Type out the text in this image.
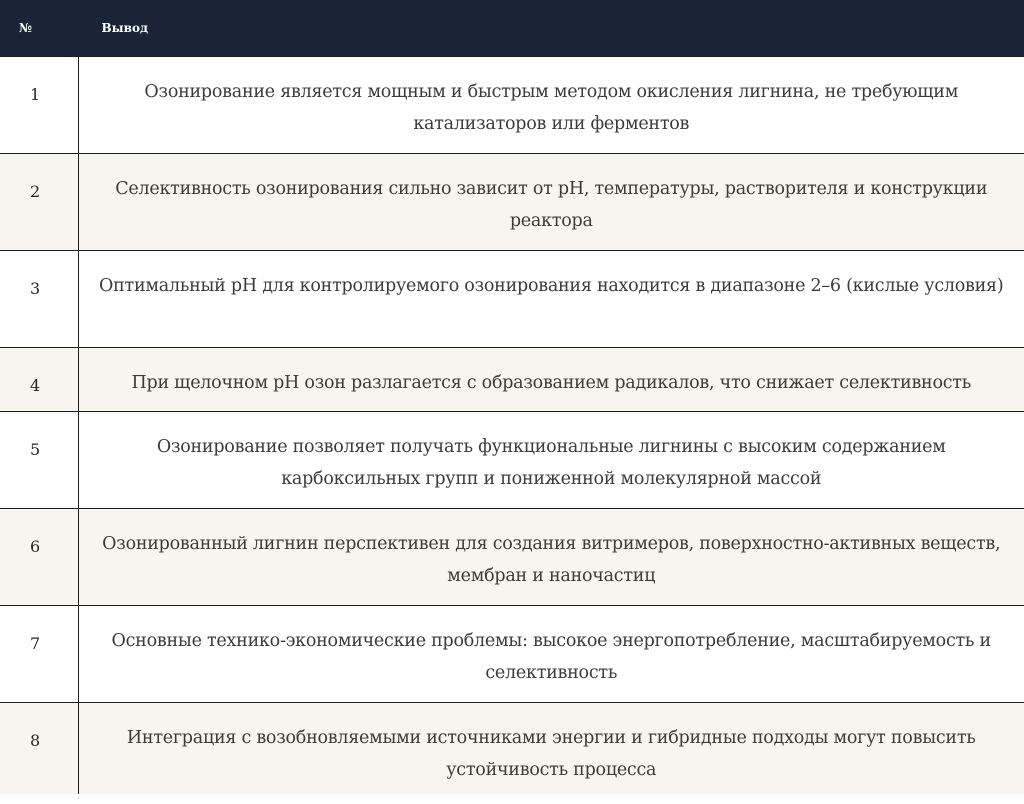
№	Вывод
1	Озонирование является мощным и быстрым методом окисления лигнина, не требующим катализаторов или ферментов
2	Селективность озонирования сильно зависит от pH, температуры, растворителя и конструкции реактора
3	Оптимальный pH для контролируемого озонирования находится в диапазоне 2–6 (кислые условия)
4	При щелочном pH озон разлагается с образованием радикалов, что снижает селективность
5	Озонирование позволяет получать функциональные лигнины с высоким содержанием карбоксильных групп и пониженной молекулярной массой
6	Озонированный лигнин перспективен для создания витримеров, поверхностно-активных веществ, мембран и наночастиц
7	Основные технико-экономические проблемы: высокое энергопотребление, масштабируемость и селективность
8	Интеграция с возобновляемыми источниками энергии и гибридные подходы могут повысить устойчивость процесса
